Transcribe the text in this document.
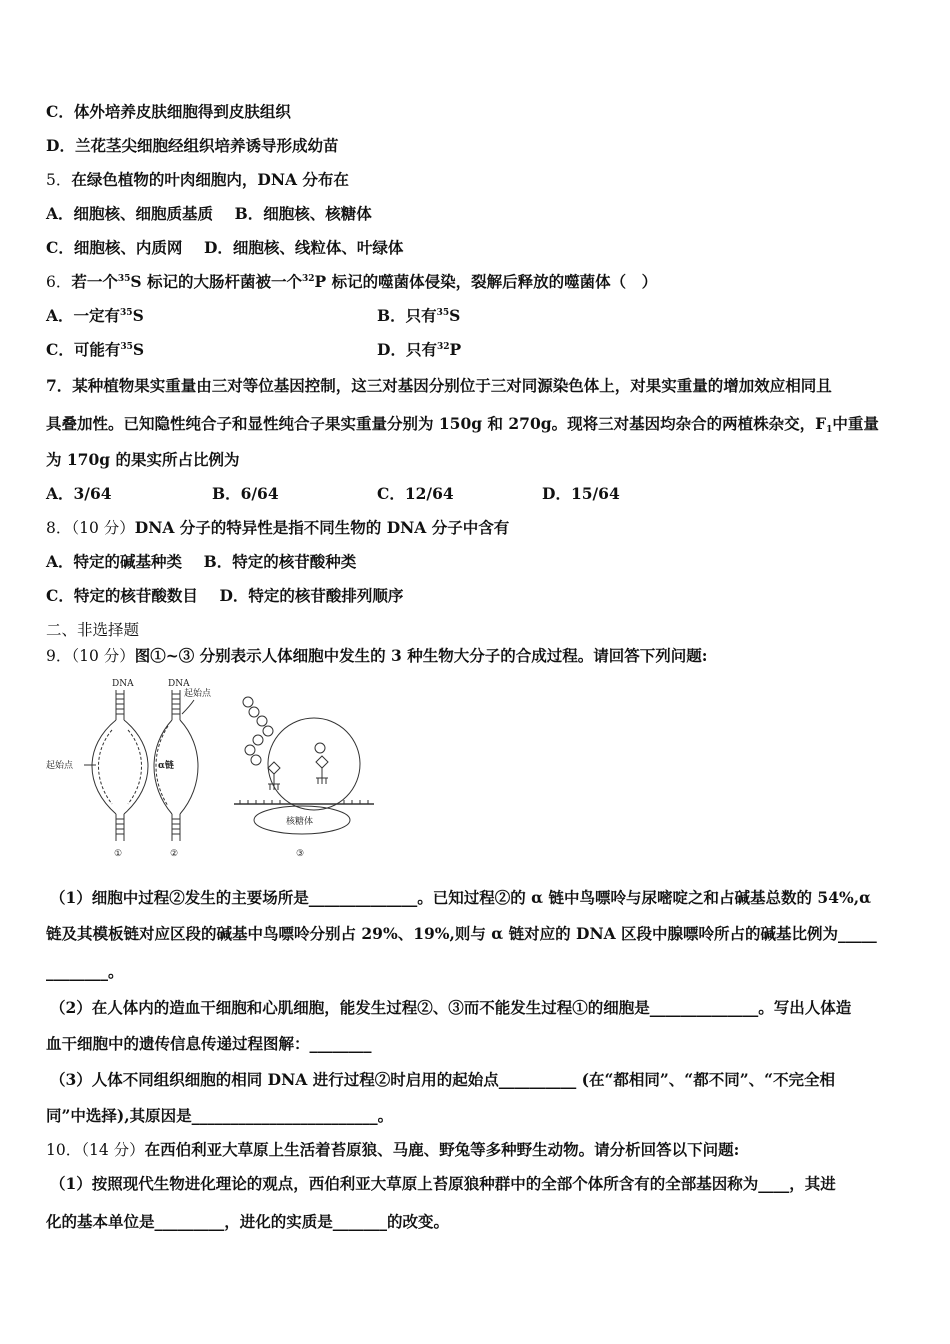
C．体外培养皮肤细胞得到皮肤组织
D．兰花茎尖细胞经组织培养诱导形成幼苗
5．在绿色植物的叶肉细胞内，DNA 分布在
A．细胞核、细胞质基质 B．细胞核、核糖体
C．细胞核、内质网 D．细胞核、线粒体、叶绿体
6．若一个$^{35}$S 标记的大肠杆菌被一个$^{32}$P 标记的噬菌体侵染，裂解后释放的噬菌体（　）
A．一定有$^{35}$S	B．只有$^{35}$S
C．可能有$^{35}$S	D．只有$^{32}$P
7．某种植物果实重量由三对等位基因控制，这三对基因分别位于三对同源染色体上，对果实重量的增加效应相同且
具叠加性。已知隐性纯合子和显性纯合子果实重量分别为 150g 和 270g。现将三对基因均杂合的两植株杂交，$F_1$中重量
为 170g 的果实所占比例为
A．3/64	B．6/64	C．12/64	D．15/64
8．（10 分）DNA 分子的特异性是指不同生物的 DNA 分子中含有
A．特定的碱基种类 B．特定的核苷酸种类
C．特定的核苷酸数目 D．特定的核苷酸排列顺序
二、非选择题
9．（10 分）图①~③ 分别表示人体细胞中发生的 3 种生物大分子的合成过程。请回答下列问题:
DNA
起始点
①
DNA
起始点
α链
②
核糖体
③
（1）细胞中过程②发生的主要场所是______________。已知过程②的 α 链中鸟嘌呤与尿嘧啶之和占碱基总数的 54%,α
链及其模板链对应区段的碱基中鸟嘌呤分别占 29%、19%,则与 α 链对应的 DNA 区段中腺嘌呤所占的碱基比例为_____
________。
（2）在人体内的造血干细胞和心肌细胞，能发生过程②、③而不能发生过程①的细胞是______________。写出人体造
血干细胞中的遗传信息传递过程图解：________
（3）人体不同组织细胞的相同 DNA 进行过程②时启用的起始点__________ (在“都相同”、“都不同”、“不完全相
同”中选择),其原因是________________________。
10．（14 分）在西伯利亚大草原上生活着苔原狼、马鹿、野兔等多种野生动物。请分析回答以下问题:
（1）按照现代生物进化理论的观点，西伯利亚大草原上苔原狼种群中的全部个体所含有的全部基因称为____，其进
化的基本单位是_________，进化的实质是_______的改变。
